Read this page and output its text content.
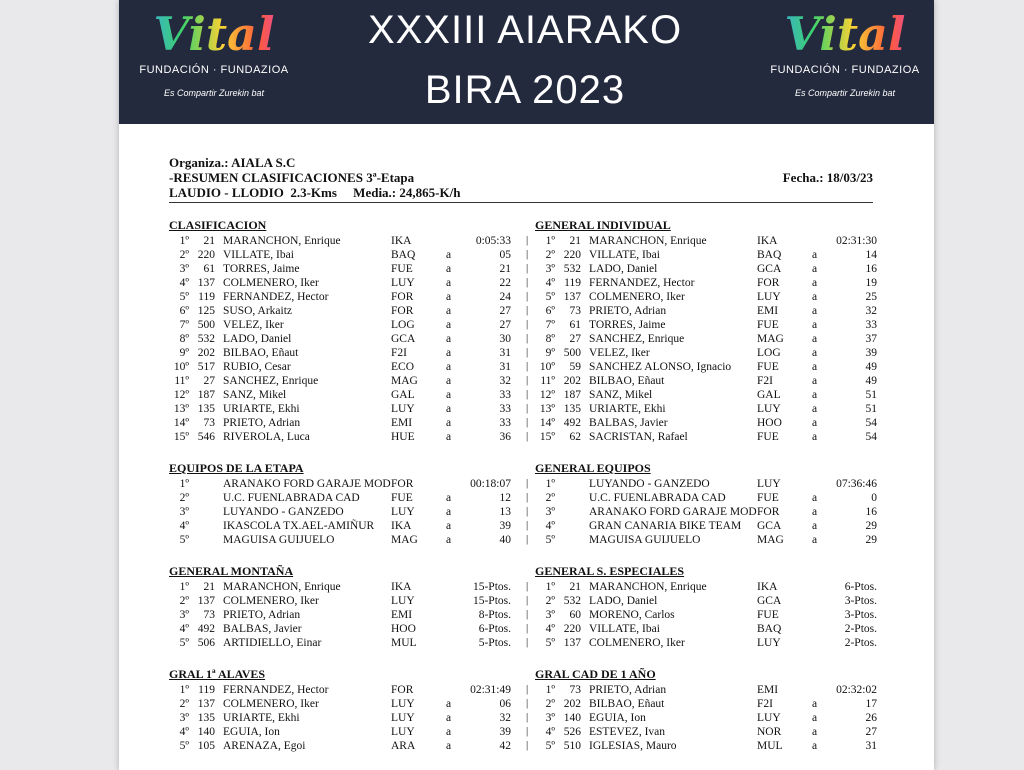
Vital
FUNDACIÓN · FUNDAZIOA
Es Compartir Zurekin bat
XXXIII AIARAKO
BIRA 2023
Vital
FUNDACIÓN · FUNDAZIOA
Es Compartir Zurekin bat
Organiza.: AIALA S.C
-RESUMEN CLASIFICACIONES 3ª-Etapa
LAUDIO - LLODIO  2.3-Kms     Media.: 24,865-K/h
Fecha.: 18/03/23
CLASIFICACION
1º	21 MARANCHON, Enrique	IKA	0:05:33
2º 220 VILLATE, Ibai	BAQ	a	05
3º	61 TORRES, Jaime	FUE	a	21
4º 137 COLMENERO, Iker	LUY	a	22
5º 119 FERNANDEZ, Hector	FOR	a	24
6º 125 SUSO, Arkaitz	FOR	a	27
7º 500 VELEZ, Iker	LOG	a	27
8º 532 LADO, Daniel	GCA	a	30
9º 202 BILBAO, Eñaut	F2I	a	31
10º 517 RUBIO, Cesar	ECO	a	31
11º	27 SANCHEZ, Enrique	MAG a	32
12º 187 SANZ, Mikel	GAL	a	33
13º 135 URIARTE, Ekhi	LUY	a	33
14º	73 PRIETO, Adrian	EMI	a	33
15º 546 RIVEROLA, Luca	HUE	a	36
GENERAL INDIVIDUAL
1º	21 MARANCHON, Enrique	IKA	02:31:30
2º 220 VILLATE, Ibai	BAQ	a	14
3º 532 LADO, Daniel	GCA	a	16
4º 119 FERNANDEZ, Hector	FOR	a	19
5º 137 COLMENERO, Iker	LUY	a	25
6º	73 PRIETO, Adrian	EMI	a	32
7º	61 TORRES, Jaime	FUE	a	33
8º	27 SANCHEZ, Enrique	MAG a	37
9º 500 VELEZ, Iker	LOG	a	39
10º	59 SANCHEZ ALONSO, Ignacio FUE	a	49
11º 202 BILBAO, Eñaut	F2I	a	49
12º 187 SANZ, Mikel	GAL	a	51
13º 135 URIARTE, Ekhi	LUY	a	51
14º 492 BALBAS, Javier	HOO	a	54
15º	62 SACRISTAN, Rafael	FUE	a	54
EQUIPOS DE LA ETAPA
1º	ARANAKO FORD GARAJE MOD FOR	00:18:07
2º	U.C. FUENLABRADA CAD	FUE	a	12
3º	LUYANDO - GANZEDO	LUY	a	13
4º	IKASCOLA TX.AEL-AMIÑUR IKA	a	39
5º	MAGUISA GUIJUELO	MAG a	40
GENERAL EQUIPOS
1º	LUYANDO - GANZEDO	LUY	07:36:46
2º	U.C. FUENLABRADA CAD	FUE	a	0
3º	ARANAKO FORD GARAJE MOD FOR	a	16
4º	GRAN CANARIA BIKE TEAM GCA	a	29
5º	MAGUISA GUIJUELO	MAG a	29
GENERAL MONTAÑA
1º	21 MARANCHON, Enrique	IKA	15-Ptos.
2º 137 COLMENERO, Iker	LUY	15-Ptos.
3º	73 PRIETO, Adrian	EMI	8-Ptos.
4º 492 BALBAS, Javier	HOO	6-Ptos.
5º 506 ARTIDIELLO, Einar	MUL	5-Ptos.
GENERAL S. ESPECIALES
1º	21 MARANCHON, Enrique	IKA	6-Ptos.
2º 532 LADO, Daniel	GCA	3-Ptos.
3º	60 MORENO, Carlos	FUE	3-Ptos.
4º 220 VILLATE, Ibai	BAQ	2-Ptos.
5º 137 COLMENERO, Iker	LUY	2-Ptos.
GRAL 1ª ALAVES
1º 119 FERNANDEZ, Hector	FOR	02:31:49
2º 137 COLMENERO, Iker	LUY	a	06
3º 135 URIARTE, Ekhi	LUY	a	32
4º 140 EGUIA, Ion	LUY	a	39
5º 105 ARENAZA, Egoi	ARA	a	42
GRAL CAD DE 1 AÑO
1º	73 PRIETO, Adrian	EMI	02:32:02
2º 202 BILBAO, Eñaut	F2I	a	17
3º 140 EGUIA, Ion	LUY	a	26
4º 526 ESTEVEZ, Ivan	NOR	a	27
5º 510 IGLESIAS, Mauro	MUL	a	31
|
|
|
|
|
|
|
|
|
|
|
|
|
|
|
|
|
|
|
|
|
|
|
|
|
|
|
|
|
|
